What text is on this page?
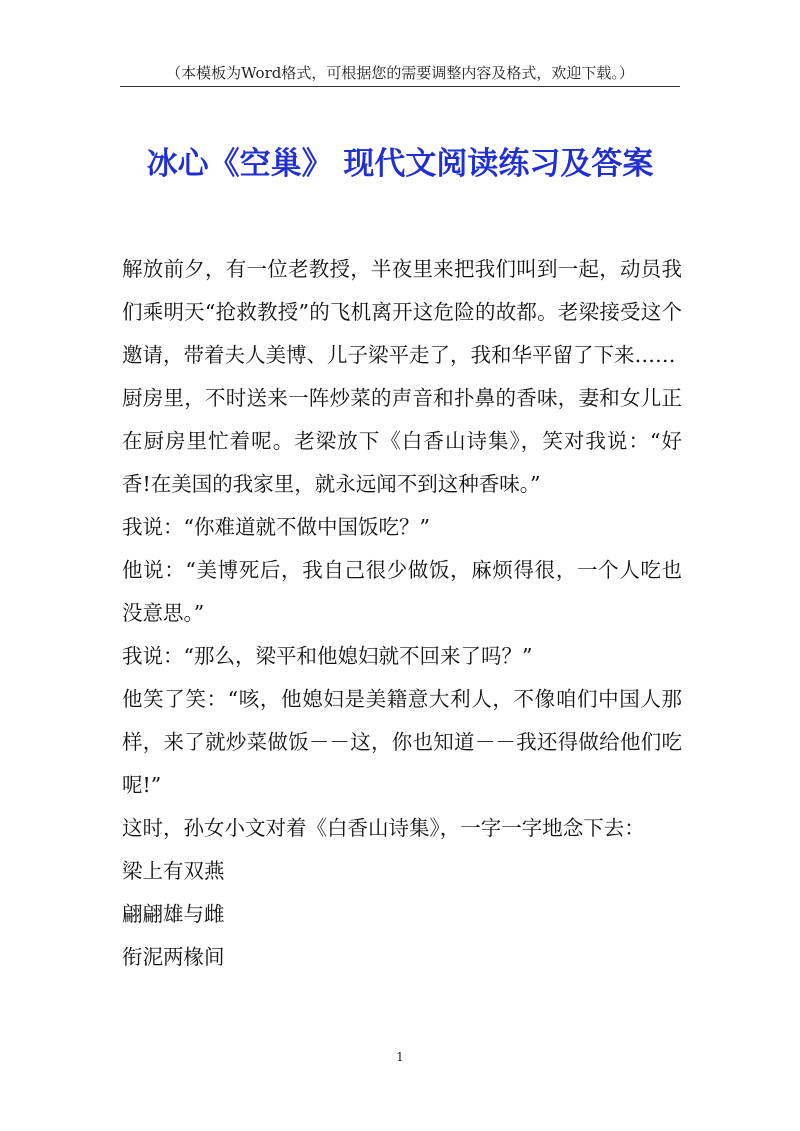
（本模板为Word格式，可根据您的需要调整内容及格式，欢迎下载。）
冰心《空巢》 现代文阅读练习及答案

解放前夕，有一位老教授，半夜里来把我们叫到一起，动员我们乘明天“抢救教授”的飞机离开这危险的故都。老梁接受这个邀请，带着夫人美博、儿子梁平走了，我和华平留了下来……

厨房里，不时送来一阵炒菜的声音和扑鼻的香味，妻和女儿正在厨房里忙着呢。老梁放下《白香山诗集》，笑对我说：“好香!在美国的我家里，就永远闻不到这种香味。”

我说：“你难道就不做中国饭吃？”

他说：“美博死后，我自己很少做饭，麻烦得很，一个人吃也没意思。”

我说：“那么，梁平和他媳妇就不回来了吗？”

他笑了笑：“咳，他媳妇是美籍意大利人，不像咱们中国人那样，来了就炒菜做饭－－这，你也知道－－我还得做给他们吃呢!”

这时，孙女小文对着《白香山诗集》，一字一字地念下去：

梁上有双燕

翩翩雄与雌

衔泥两椽间

1
